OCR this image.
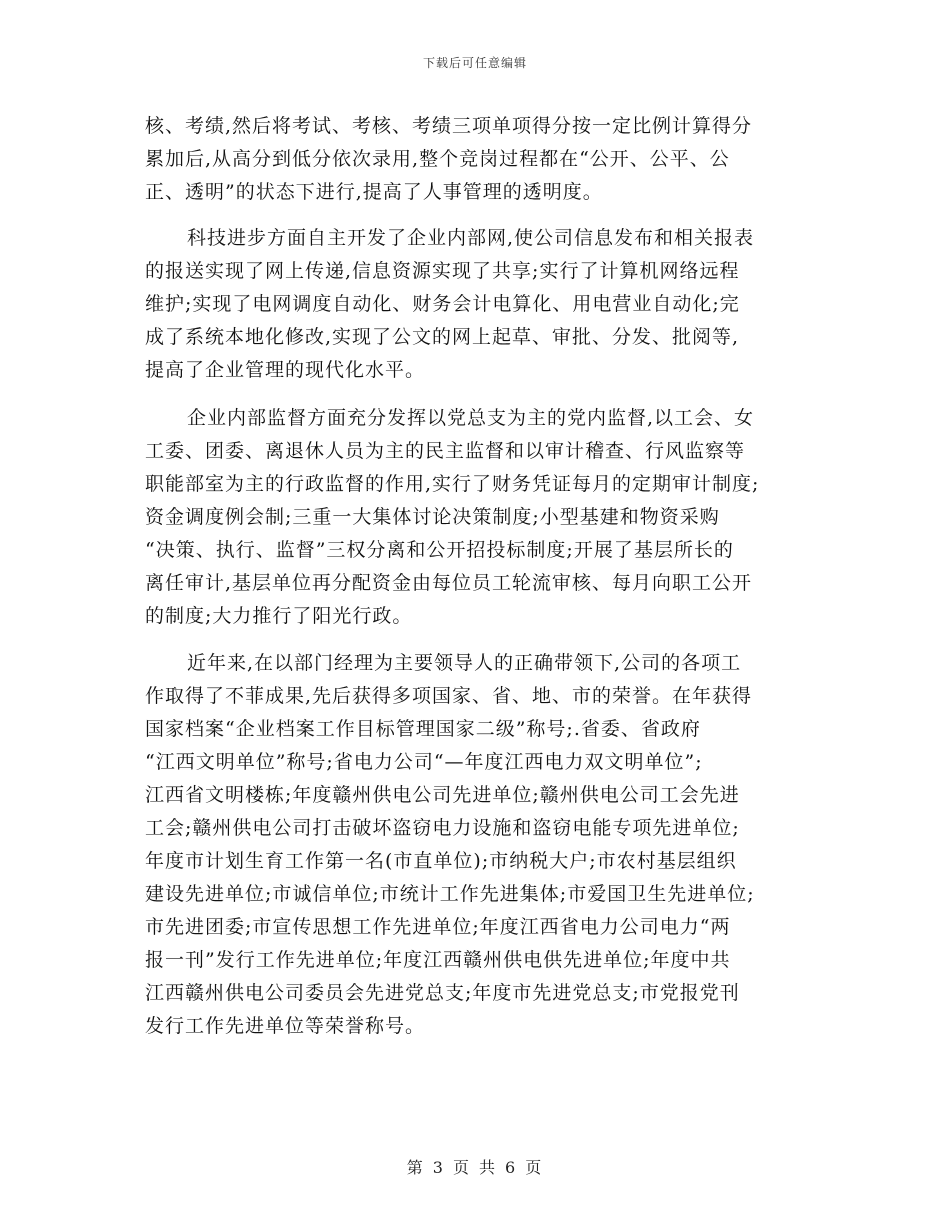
下载后可任意编辑
核、考绩,然后将考试、考核、考绩三项单项得分按一定比例计算得分
累加后,从高分到低分依次录用,整个竞岗过程都在“公开、公平、公
正、透明”的状态下进行,提高了人事管理的透明度。
科技进步方面自主开发了企业内部网,使公司信息发布和相关报表
的报送实现了网上传递,信息资源实现了共享;实行了计算机网络远程
维护;实现了电网调度自动化、财务会计电算化、用电营业自动化;完
成了系统本地化修改,实现了公文的网上起草、审批、分发、批阅等,
提高了企业管理的现代化水平。
企业内部监督方面充分发挥以党总支为主的党内监督,以工会、女
工委、团委、离退休人员为主的民主监督和以审计稽查、行风监察等
职能部室为主的行政监督的作用,实行了财务凭证每月的定期审计制度;
资金调度例会制;三重一大集体讨论决策制度;小型基建和物资采购
“决策、执行、监督”三权分离和公开招投标制度;开展了基层所长的
离任审计,基层单位再分配资金由每位员工轮流审核、每月向职工公开
的制度;大力推行了阳光行政。
近年来,在以部门经理为主要领导人的正确带领下,公司的各项工
作取得了不菲成果,先后获得多项国家、省、地、市的荣誉。在年获得
国家档案“企业档案工作目标管理国家二级”称号;.省委、省政府
“江西文明单位”称号;省电力公司“—年度江西电力双文明单位”;
江西省文明楼栋;年度赣州供电公司先进单位;赣州供电公司工会先进
工会;赣州供电公司打击破坏盗窃电力设施和盗窃电能专项先进单位;
年度市计划生育工作第一名(市直单位);市纳税大户;市农村基层组织
建设先进单位;市诚信单位;市统计工作先进集体;市爱国卫生先进单位;
市先进团委;市宣传思想工作先进单位;年度江西省电力公司电力“两
报一刊”发行工作先进单位;年度江西赣州供电供先进单位;年度中共
江西赣州供电公司委员会先进党总支;年度市先进党总支;市党报党刊
发行工作先进单位等荣誉称号。
第 3 页 共 6 页
